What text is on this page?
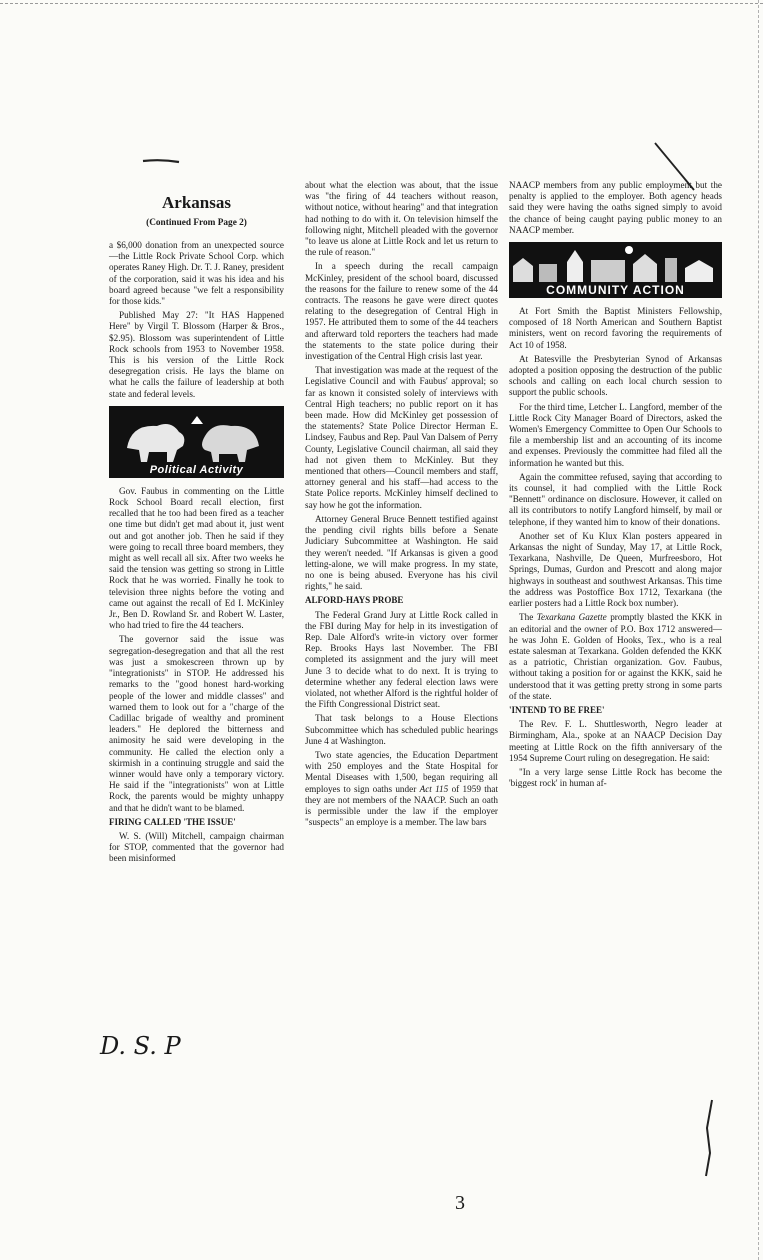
Arkansas
(Continued From Page 2)

a $6,000 donation from an unexpected source—the Little Rock Private School Corp. which operates Raney High. Dr. T. J. Raney, president of the corporation, said it was his idea and his board agreed because "we felt a responsibility for those kids."

Published May 27: "It HAS Happened Here" by Virgil T. Blossom (Harper & Bros., $2.95). Blossom was superintendent of Little Rock schools from 1953 to November 1958. This is his version of the Little Rock desegregation crisis. He lays the blame on what he calls the failure of leadership at both state and federal levels.

Political Activity

Gov. Faubus in commenting on the Little Rock School Board recall election, first recalled that he too had been fired as a teacher one time but didn't get mad about it, just went out and got another job. Then he said if they were going to recall three board members, they might as well recall all six. After two weeks he said the tension was getting so strong in Little Rock that he was worried. Finally he took to television three nights before the voting and came out against the recall of Ed I. McKinley Jr., Ben D. Rowland Sr. and Robert W. Laster, who had tried to fire the 44 teachers.

The governor said the issue was segregation-desegregation and that all the rest was just a smokescreen thrown up by "integrationists" in STOP. He addressed his remarks to the "good honest hard-working people of the lower and middle classes" and warned them to look out for a "charge of the Cadillac brigade of wealthy and prominent leaders." He deplored the bitterness and animosity he said were developing in the community. He called the election only a skirmish in a continuing struggle and said the winner would have only a temporary victory. He said if the "integrationists" won at Little Rock, the parents would be mighty unhappy and that he didn't want to be blamed.

FIRING CALLED 'THE ISSUE'

W. S. (Will) Mitchell, campaign chairman for STOP, commented that the governor had been misinformed

about what the election was about, that the issue was "the firing of 44 teachers without reason, without notice, without hearing" and that integration had nothing to do with it. On television himself the following night, Mitchell pleaded with the governor "to leave us alone at Little Rock and let us return to the rule of reason."

In a speech during the recall campaign McKinley, president of the school board, discussed the reasons for the failure to renew some of the 44 contracts. The reasons he gave were direct quotes relating to the desegregation of Central High in 1957. He attributed them to some of the 44 teachers and afterward told reporters the teachers had made the statements to the state police during their investigation of the Central High crisis last year.

That investigation was made at the request of the Legislative Council and with Faubus' approval; so far as known it consisted solely of interviews with Central High teachers; no public report on it has been made. How did McKinley get possession of the statements? State Police Director Herman E. Lindsey, Faubus and Rep. Paul Van Dalsem of Perry County, Legislative Council chairman, all said they had not given them to McKinley. But they mentioned that others—Council members and staff, attorney general and his staff—had access to the State Police reports. McKinley himself declined to say how he got the information.

Attorney General Bruce Bennett testified against the pending civil rights bills before a Senate Judiciary Subcommittee at Washington. He said they weren't needed. "If Arkansas is given a good letting-alone, we will make progress. In my state, no one is being abused. Everyone has his civil rights," he said.

ALFORD-HAYS PROBE

The Federal Grand Jury at Little Rock called in the FBI during May for help in its investigation of Rep. Dale Alford's write-in victory over former Rep. Brooks Hays last November. The FBI completed its assignment and the jury will meet June 3 to decide what to do next. It is trying to determine whether any federal election laws were violated, not whether Alford is the rightful holder of the Fifth Congressional District seat.

That task belongs to a House Elections Subcommittee which has scheduled public hearings June 4 at Washington.

Two state agencies, the Education Department with 250 employes and the State Hospital for Mental Diseases with 1,500, began requiring all employes to sign oaths under Act 115 of 1959 that they are not members of the NAACP. Such an oath is permissible under the law if the employer "suspects" an employe is a member. The law bars

NAACP members from any public employment but the penalty is applied to the employer. Both agency heads said they were having the oaths signed simply to avoid the chance of being caught paying public money to an NAACP member.

COMMUNITY ACTION

At Fort Smith the Baptist Ministers Fellowship, composed of 18 North American and Southern Baptist ministers, went on record favoring the requirements of Act 10 of 1958.

At Batesville the Presbyterian Synod of Arkansas adopted a position opposing the destruction of the public schools and calling on each local church session to support the public schools.

For the third time, Letcher L. Langford, member of the Little Rock City Manager Board of Directors, asked the Women's Emergency Committee to Open Our Schools to file a membership list and an accounting of its income and expenses. Previously the committee had filed all the information he wanted but this.

Again the committee refused, saying that according to its counsel, it had complied with the Little Rock "Bennett" ordinance on disclosure. However, it called on all its contributors to notify Langford himself, by mail or telephone, if they wanted him to know of their donations.

Another set of Ku Klux Klan posters appeared in Arkansas the night of Sunday, May 17, at Little Rock, Texarkana, Nashville, De Queen, Murfreesboro, Hot Springs, Dumas, Gurdon and Prescott and along major highways in southeast and southwest Arkansas. This time the address was Postoffice Box 1712, Texarkana (the earlier posters had a Little Rock box number).

The Texarkana Gazette promptly blasted the KKK in an editorial and the owner of P.O. Box 1712 answered—he was John E. Golden of Hooks, Tex., who is a real estate salesman at Texarkana. Golden defended the KKK as a patriotic, Christian organization. Gov. Faubus, without taking a position for or against the KKK, said he understood that it was getting pretty strong in some parts of the state.

'INTEND TO BE FREE'

The Rev. F. L. Shuttlesworth, Negro leader at Birmingham, Ala., spoke at an NAACP Decision Day meeting at Little Rock on the fifth anniversary of the 1954 Supreme Court ruling on desegregation. He said:

"In a very large sense Little Rock has become the 'biggest rock' in human af-

D. S. P
3
